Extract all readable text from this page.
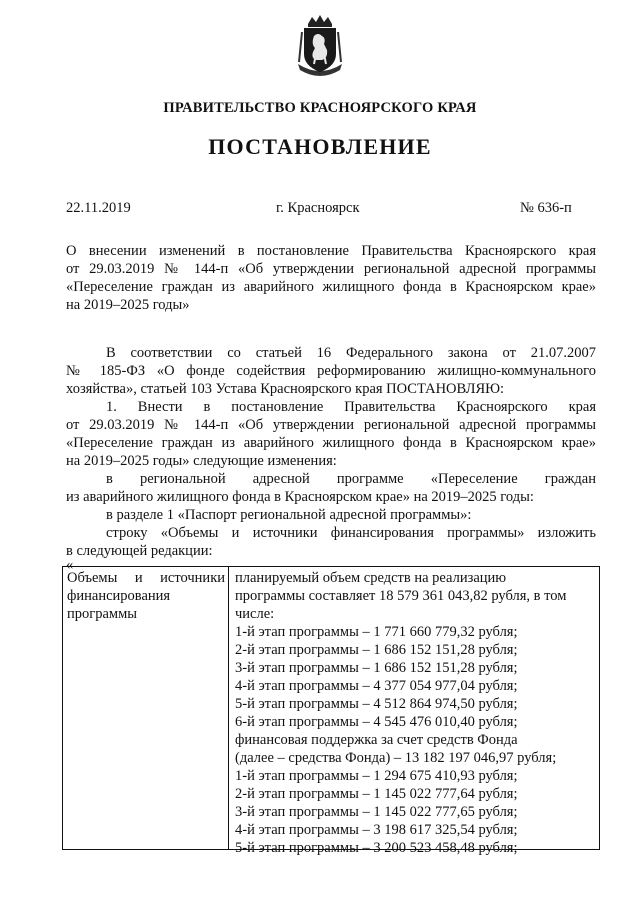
ПРАВИТЕЛЬСТВО КРАСНОЯРСКОГО КРАЯ
ПОСТАНОВЛЕНИЕ
22.11.2019	г. Красноярск	№ 636-п
О внесении изменений в постановление Правительства Красноярского края
от 29.03.2019 № 144-п «Об утверждении региональной адресной программы
«Переселение граждан из аварийного жилищного фонда в Красноярском крае»
на 2019–2025 годы»
В соответствии со статьей 16 Федерального закона от 21.07.2007
№ 185-ФЗ «О фонде содействия реформированию жилищно-коммунального
хозяйства», статьей 103 Устава Красноярского края ПОСТАНОВЛЯЮ:
1. Внести в постановление Правительства Красноярского края
от 29.03.2019 № 144-п «Об утверждении региональной адресной программы
«Переселение граждан из аварийного жилищного фонда в Красноярском крае»
на 2019–2025 годы» следующие изменения:
в региональной адресной программе «Переселение граждан
из аварийного жилищного фонда в Красноярском крае» на 2019–2025 годы:
в разделе 1 «Паспорт региональной адресной программы»:
строку «Объемы и источники финансирования программы» изложить
в следующей редакции:
«
Объемы и источники
финансирования
программы
планируемый объем средств на реализацию
программы составляет 18 579 361 043,82 рубля, в том
числе:
1-й этап программы – 1 771 660 779,32 рубля;
2-й этап программы – 1 686 152 151,28 рубля;
3-й этап программы – 1 686 152 151,28 рубля;
4-й этап программы – 4 377 054 977,04 рубля;
5-й этап программы – 4 512 864 974,50 рубля;
6-й этап программы – 4 545 476 010,40 рубля;
финансовая поддержка за счет средств Фонда
(далее – средства Фонда) – 13 182 197 046,97 рубля;
1-й этап программы – 1 294 675 410,93 рубля;
2-й этап программы – 1 145 022 777,64 рубля;
3-й этап программы – 1 145 022 777,65 рубля;
4-й этап программы – 3 198 617 325,54 рубля;
5-й этап программы – 3 200 523 458,48 рубля;
